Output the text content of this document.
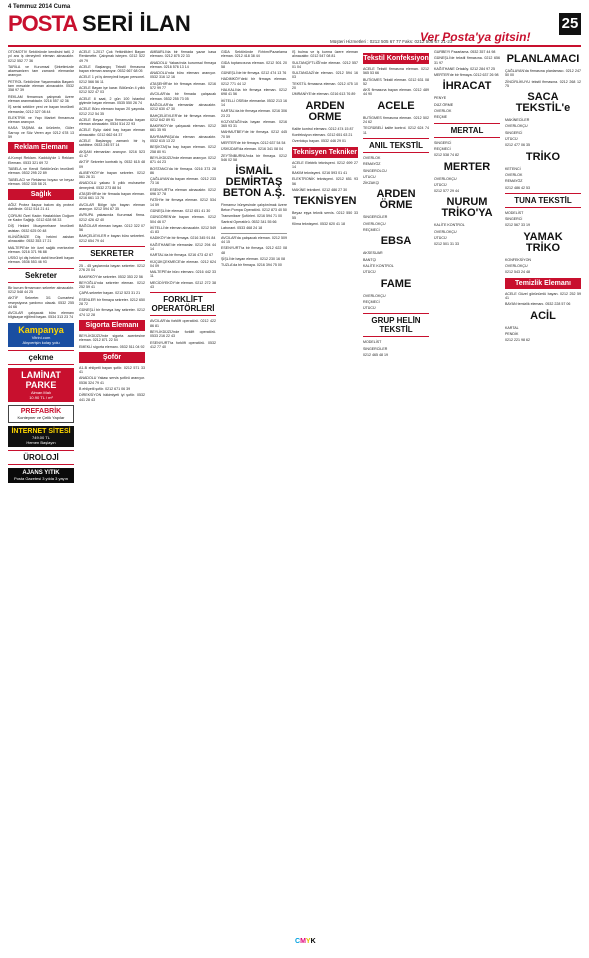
4 Temmuz 2014 Cuma
POSTA SERİ İLAN	25
Ver Posta'ya gitsin!
Müşteri Hizmetleri : 0212 505 67 77 Faks: 0212 505 67 21-23

OTOMOTİV Sektöründe kendisini tatil, 2 yıl ara iş deneyimli eleman alınacaktır. 0212 552 77 36

TARİLA ve Kurumsal Şirketimizde akarrsanizen tam zamanlı elemanlar aranıyor.

PETROL Sektörüne Yaşanmakta Başarılı tam mesaide eleman alınacaktır. 0532 358 97 39

REKLAM firmamıza çalışmak üzere eleman aranmaktadır. 0216 557 42 36

İŞ serisi sektöre yeni ve bayan tecrübeli elemanlar, 0212 327 08 44

ELEKTRİK ve Yapı Market firmamıza eleman aranıyor.

KASA TAŞIMA da ürünlerin, Güler Sarnıçı ve Söz Veren ayn 0212 678 13 59

Reklam Elemanı

A.Kompt Reklam. Kadıköy'de 1 Reklam Elemanı. 0533 321 69 72

TABELA ve Kendi Sektörünün tecrübeli eleman. 0532 295 22 89

TABELACI ve Reklamcı boyacı ve beyaz eleman. 0532 335 58 21

Sağlık

AĞIZ Protez ilaçsız bakım diş protezi dahilinde. 0212 514 21 41

ÇORUM Özel Kadın Hastalıkları Doğum ve Kadın Sağlığı. 0212 628 98 33

DİŞ Hekimi Muayenehane tecrübeli asistan. 0532 625 00 48

KLİNİĞİMİZE Diş hekimi asistan alınacaktır. 0532 353 17 21

MALTEPE'de bir özel sağlık merkezine eleman. 0216 371 96 88

USSO iyi diş hekimi dahil tecrübeli bayan eleman. 0536 553 46 93

Sekreter

Bir kurum firmamızın sekreter alınacaktır. 0212 548 44 25

AKTİF Sekreter. 3/1 Cumartesi resepsiyona yardımcı olacak. 0532 255 44 66

AVCILAR çalışacak büro elemanı bilgisayar eğitimli bayan. 0534 313 23 74

Kampanya
Vitrini.com
Alışverişin kolay yolu
çekme
LAMİNAT PARKE
Alman Malı
10.90 TL / m²
PREFABRİK
Konteyner ve Çelik Yapılar
İNTERNET SİTESİ
749.00 TL
Hemen Başlayın
ÜROLOJİ
AJANS YITIK
Posta Gazetesi 3 yılda 3 yayın

ACELE 1-2017 Çok Yetkinlikleri Bayan Renkmette. Çalışmak isteyen. 0212 522 49 79

ACELE Başlangıç Tekstil firmasına bayan eleman aranıyor. 0532 667 68 05

ACELE 1 yıl iş deneyimli bayan personel. 0212 566 56 11

ACELE Bayan işe karar. Bölümün 4 yıllık 0212 522 47 03

ACELE 8 saat, 2 gün 100 İstanbul giyimde bayan eleman. 0535 550 26 74

ACELE Büro elemanı bayan 20 yaşında. 0212 212 54 35

ACELE Beyaz eşya firmamızda bayan eleman alınacaktır. 0534 514 22 93

ACELE Eyüp dahil bay bayan eleman alınacaktır. 0212 662 64 37

ACELE Başlangıç zamanlı bir iş sahibine. 0533 245 57 14

AKŞAM elemanları aranıyor. 0216 523 41 47

AKTİF Sekreter kontratlı iş. 0532 615 48 09

ALIBEYKÖY'de bayan sekreter. 0212 561 26 31

ANADOLU yakası 5 yıllık muhasebe deneyimli. 0532 273 88 54

ATAŞEHİR'de bir firmada bayan eleman. 0216 661 13 76

AVCILAR Bölge için bayan eleman aranıyor. 0212 594 67 35

AVRUPA yakasında Kurumsal firma. 0212 426 42 40

BAĞCILAR elemanı bayan. 0212 322 07 56

BAHÇELİEVLER e bayan büro sekreteri. 0212 654 79 44

SEKRETER

25 - 45 yaşlarında bayan sekreter. 0212 276 20 04

BAKIRKÖY'de sekreter. 0532 353 22 56

BEYOĞLU'nda sekreter eleman. 0212 252 59 41

ÇAPA sekreter bayan. 0212 523 31 21

ESENLER bir firmaya sekreter. 0212 650 28 72

GÜNEŞLİ bir firmaya bay sekreter. 0212 474 12 28

Sigorta Elemanı

BEYLİKDÜZÜ'nde sigorta acentesine eleman. 0212 871 22 54

EMEKLİ sigorta elemanı. 0532 511 04 92

Şoför

A1-B ehliyetli bayan şoför. 0212 571 33 41

ANADOLU Yakası servis şoförü aranıyor. 0536 324 79 41

B ehliyetli şoför. 0212 671 06 39

DİREKSİYON hâkimiyeti iyi şoför. 0532 441 28 43

AMBARLI'da bir firmada yazar kasa elemanı. 0212 875 22 33

ANADOLU Yakası'nda kurumsal firmaya eleman. 0216 576 13 14

ANADOLU'nda büro elemanı aranıyor. 0532 316 12 16

ATAŞEHİR'de bir firmaya eleman. 0216 572 99 77

AVCILAR'da bir firmada çalışacak eleman. 0532 255 73 05

BAĞCILAR'da elemanlar alınacaktır. 0212 630 47 30

BAHÇELİEVLER'de bir firmaya eleman. 0212 642 89 91

BAKIRKÖY'de çalışacak eleman. 0212 661 35 95

BAYRAMPAŞA'da eleman alınacaktır. 0532 615 13 22

BEŞİKTAŞ'ta bay bayan eleman. 0212 258 80 91

BEYLİKDÜZÜ'nde eleman aranıyor. 0212 871 44 23

BOSTANCI'da bir firmaya. 0216 373 28 86

ÇAĞLAYAN'da bayan eleman. 0212 233 73 16

ESENYURT'ta eleman alınacaktır. 0212 696 37 78

FATİH'te bir firmaya eleman. 0212 534 14 59

GÜNEŞLİ'de eleman. 0212 651 41 30

GÜNGÖREN'de bayan eleman. 0212 504 46 07

İKİTELLİ'de eleman alınacaktır. 0212 549 41 83

KADIKÖY'de bir firmaya. 0216 345 91 84

KAĞITHANE'de elemanlar. 0212 294 44 14

KARTAL'da bir firmaya. 0216 473 42 67

KÜÇÜKÇEKMECE'de eleman. 0212 624 04 09

MALTEPE'de büro elemanı. 0216 442 33 11

MECİDİYEKÖY'de eleman. 0212 272 38 43

FORKLİFT OPERATÖRLERİ

AVCILAR'da forklift operatörü. 0212 422 86 81

BEYLİKDÜZÜ'nde forklift operatörü. 0533 216 22 43

ESENYURT'ta forklift operatörü. 0532 412 77 40

GIDA Sektöründe Rıhtım/Pazarlama eleman. 0212 418 38 44

GIDA toptancısına eleman. 0212 501 20 58

GÜNEŞLİ'de bir firmaya. 0212 474 13 76

HADIMKÖY'deki bir firmaya eleman. 0212 771 44 12

HALKALI'da bir firmaya eleman. 0212 698 41 56

İKİTELLİ OSB'de elemanlar. 0532 213 16 14

KARTAL'da bir firmaya eleman. 0216 306 23 23

KOZYATAĞI'nda bayan eleman. 0216 365 93 31

MAHMUTBEY'de bir firmaya. 0212 445 70 59

MERTER'de bir firmaya. 0212 637 54 54

ÜSKÜDAR'da eleman. 0216 341 08 04

ZEYTİNBURNU'nda bir firmaya. 0212 546 02 58

İSMAİL DEMİRTAŞ BETON A.Ş.

Firmamız bünyesinde çalıştırılmak üzere Beton Pompa Operatörü. 0212 873 40 50

Transmikser Şoförleri. 0216 594 71 00

Santral Operatörü. 0532 341 55 66

Laborant. 0533 468 24 18

AVCILAR'da çalışacak eleman. 0212 509 44 15

ESENYURT'ta bir firmaya. 0212 622 08 48

ŞİŞLİ'de bayan eleman. 0212 230 16 08

TUZLA'da bir firmaya. 0216 394 75 00

İŞ bulma ve iş kurma üzere eleman alınacaktır. 0212 547 08 81

SULTANÇİFTLİĞİ'nde eleman. 0212 557 01 04

SULTANGAZİ'de eleman. 0212 594 16 03

TEKSTİL firmasına eleman. 0212 475 10 20

ÜMRANİYE'de eleman. 0216 613 76 89

ARDEN ORME

Kalite kontrol elemanı. 0212 474 15 87

Konfeksiyon elemanı. 0212 651 63 21

Overlokçu bayan. 0532 446 29 01

Teknisyen Tekniker

ACELE Elektrik teknisyeni. 0212 699 27 14

BAKIM teknisyeni. 0216 593 01 41

ELEKTRONİK teknisyeni. 0212 651 93 56

MAKİNE teknikeri. 0212 486 27 30

TEKNİSYEN

Beyaz eşya teknik servis. 0212 550 33 55

Klima teknisyeni. 0532 620 41 18

Tekstil Konfeksiyon

ACELE Tekstil firmasına eleman. 0212 565 53 66

BUTİGMES Tekstil eleman. 0212 631 08 52

AKS firmasına bayan eleman. 0212 489 44 90

ACELE

BUTİGMES firmasına eleman. 0212 502 24 62

TECRÜBELİ kalite kontrol. 0212 624 74 11

ANIL TEKSTİL

OVERLOK

REMAYÖZ

SINGEROLCU

UTUCU

ZİKZAKÇI

ARDEN ÖRME

SINGERCİLER

OVERLOKÇU

REÇMECİ

EBSA

AKSESUAR

BANTÇI

KALİTE KONTROL

ÜTÜCÜ

FAME

OVERLOKÇU

REÇMECİ

ÜTÜCÜ

GRUP HELİN TEKSTİL

MODELİST

SINGERCİLER

0212 465 48 19

GURBEYİ Pazarlama. 0532 357 44 98

GÜNEŞLİ'de tekstil firmasına. 0212 656 31 97

KAĞITHANE Ortaköy. 0212 284 97 25

MERTER'de bir firmaya. 0212 637 26 98

İHRACAT

PENYE

DÜZ ÖRME

OVERLOK

REÇME

MERTAL

SINGERCİ

REÇMECİ

0212 538 74 82

MERTER

OVERLOKÇU

ÜTÜCÜ

0212 577 29 44

NURUM TRİKO'YA

KALİTE KONTROL

OVERLOKÇU

ÜTÜCÜ

0212 501 31 33

PLANLAMACI

ÇAĞLAYAN'da firmasına planlamacı. 0212 247 50 00

ZİNCİRLİKUYU tekstil firmasına. 0212 268 12 75

SACA TEKSTİL'e

MAKİNECİLER

OVERLOKÇU

SINGERCİ

ÜTÜCÜ

0212 477 06 35

TRİKO

KETENCİ

OVERLOK

REMAYÖZ

0212 486 42 53

TUNA TEKSTİL

MODELİST

SINGERCİ

0212 567 33 19

YAMAK TRİKO

KONFEKSİYON

OVERLOKÇU

0212 543 24 48

Temizlik Elemanı

ACELE Güzel görünümlü bayan. 0212 252 59 41

BAYAN temizlik elemanı. 0532 228 57 06

ACİL

KARTAL

PENDİK

0212 221 98 62

CMYK
